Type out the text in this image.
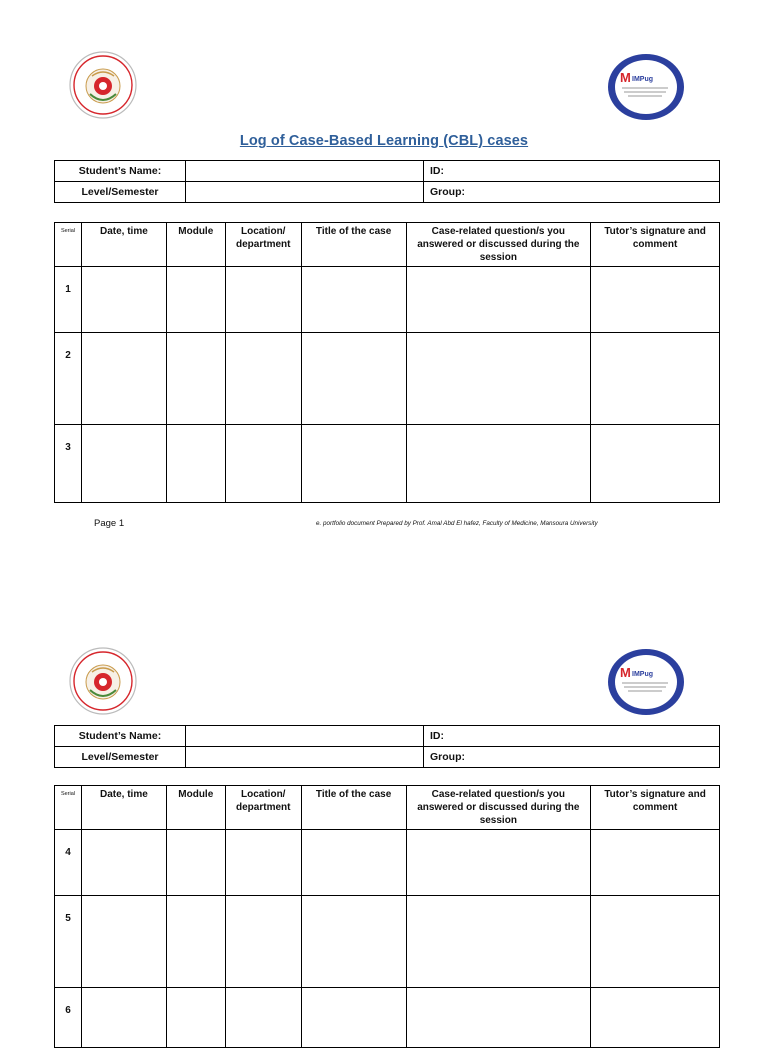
M IMPug
Log of Case-Based Learning (CBL) cases
Student’s Name:		ID:
Level/Semester		Group:
Serial	Date, time	Module	Location/ department	Title of the case	Case-related question/s you answered or discussed during the session	Tutor’s signature and comment
1						
2						
3						
Page 1	e. portfolio document Prepared by Prof. Amal Abd El hafez, Faculty of Medicine, Mansoura University
M IMPug
Student’s Name:		ID:
Level/Semester		Group:
Serial	Date, time	Module	Location/ department	Title of the case	Case-related question/s you answered or discussed during the session	Tutor’s signature and comment
4						
5						
6						
